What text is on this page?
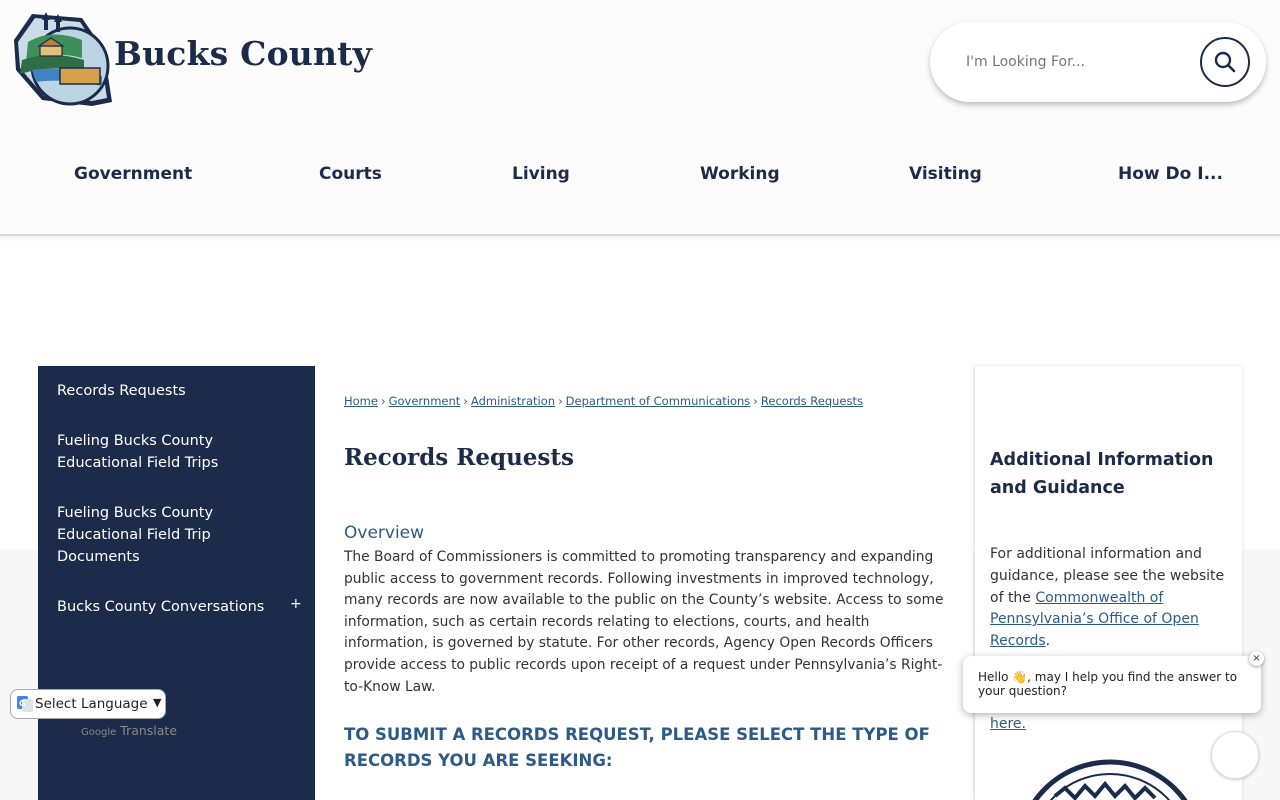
Bucks County
I'm Looking For...
Government	Courts	Living	Working	Visiting	How Do I...
Records Requests
Fueling Bucks County Educational Field Trips
Fueling Bucks County Educational Field Trip Documents
Bucks County Conversations	+
Home › Government › Administration › Department of Communications › Records Requests
Records Requests
Overview

The Board of Commissioners is committed to promoting transparency and expanding public access to government records. Following investments in improved technology, many records are now available to the public on the County’s website. Access to some information, such as certain records relating to elections, courts, and health information, is governed by statute. For other records, Agency Open Records Officers provide access to public records upon receipt of a request under Pennsylvania’s Right-to-Know Law.

TO SUBMIT A RECORDS REQUEST, PLEASE SELECT THE TYPE OF RECORDS YOU ARE SEEKING:
Additional Information and Guidance
For additional information and guidance, please see the website of the Commonwealth of Pennsylvania’s Office of Open Records.
here.
G Select Language ▼
Google Translate
Hello 👋, may I help you find the answer to your question?
×
